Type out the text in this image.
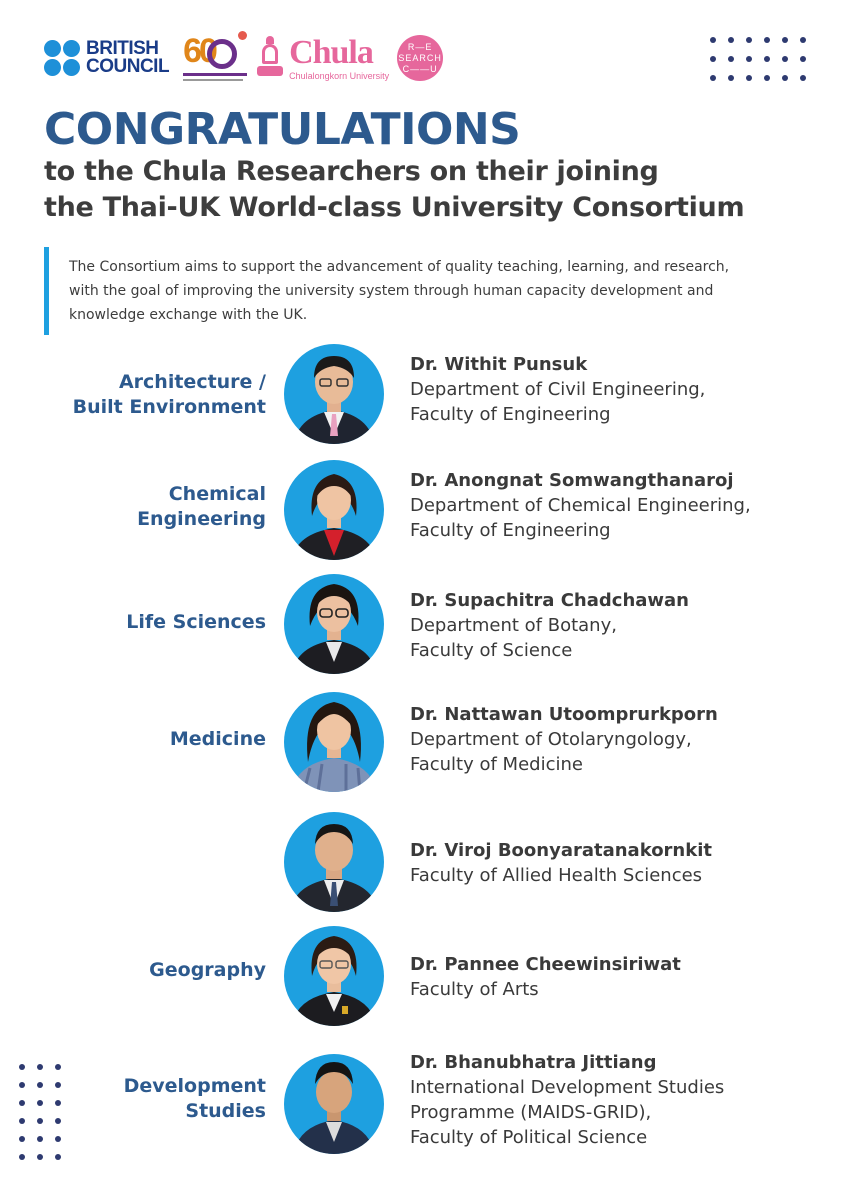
BRITISH
COUNCIL 60 Chula
Chulalongkorn University
R—E
SEARCH
C——U
CONGRATULATIONS
to the Chula Researchers on their joining
the Thai-UK World-class University Consortium

The Consortium aims to support the advancement of quality teaching, learning, and research,
with the goal of improving the university system through human capacity development and
knowledge exchange with the UK.

Architecture /
Built Environment
Dr. Withit Punsuk
Department of Civil Engineering,
Faculty of Engineering
Chemical
Engineering
Dr. Anongnat Somwangthanaroj
Department of Chemical Engineering,
Faculty of Engineering
Life Sciences
Dr. Supachitra Chadchawan
Department of Botany,
Faculty of Science
Medicine
Dr. Nattawan Utoomprurkporn
Department of Otolaryngology,
Faculty of Medicine
Dr. Viroj Boonyaratanakornkit
Faculty of Allied Health Sciences
Geography	Dr. Pannee Cheewinsiriwat
Faculty of Arts
Development
Studies
Dr. Bhanubhatra Jittiang
International Development Studies
Programme (MAIDS-GRID),
Faculty of Political Science
